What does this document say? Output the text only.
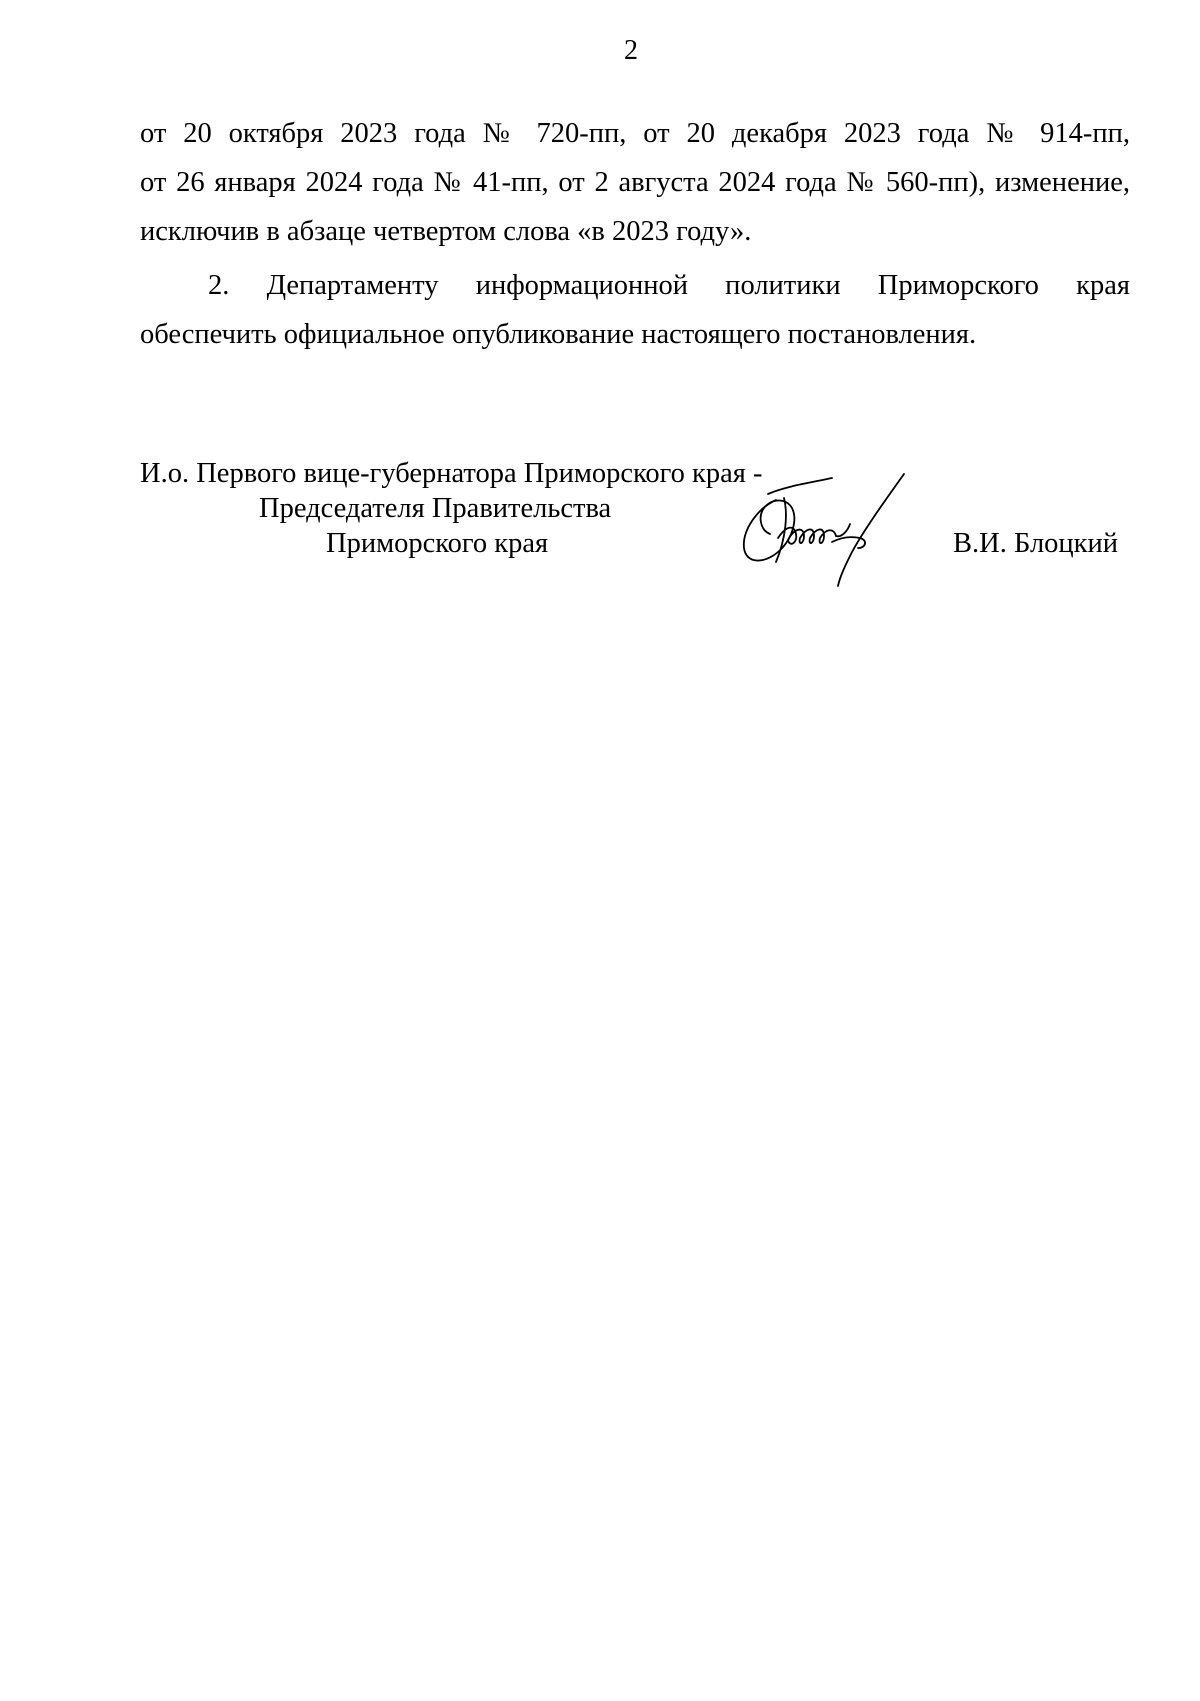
2
от 20 октября 2023 года № 720-пп, от 20 декабря 2023 года № 914-пп,
от 26 января 2024 года № 41-пп, от 2 августа 2024 года № 560-пп), изменение,
исключив в абзаце четвертом слова «в 2023 году».
2. Департаменту информационной политики Приморского края
обеспечить официальное опубликование настоящего постановления.
И.о. Первого вице-губернатора Приморского края -
Председателя Правительства
Приморского края	В.И. Блоцкий
